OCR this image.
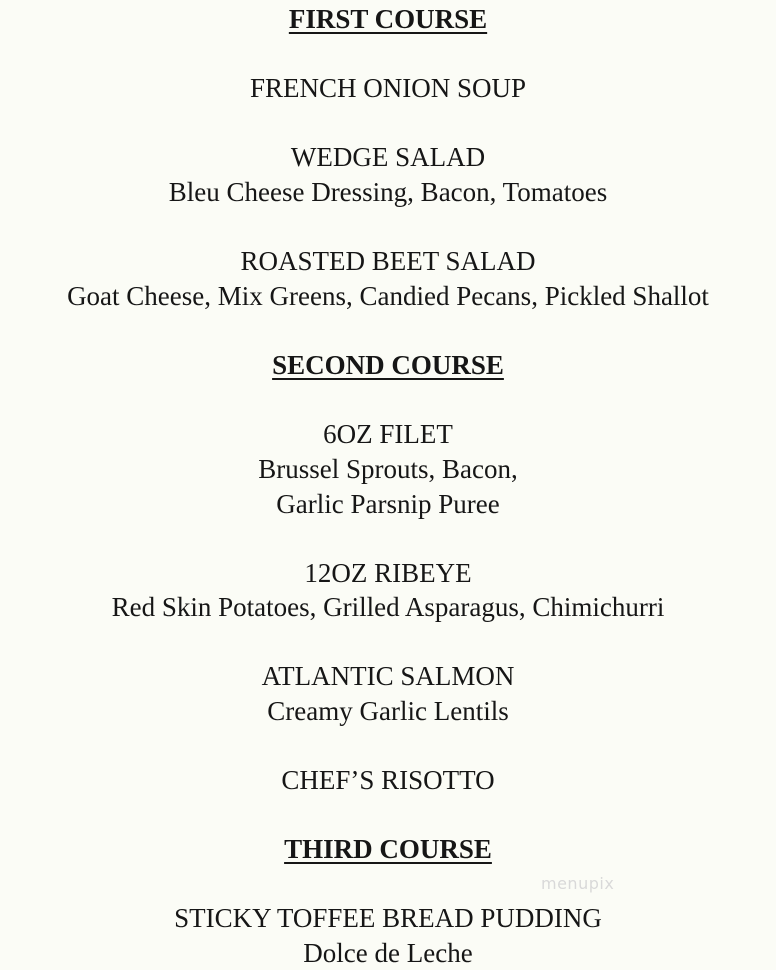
FIRST COURSE
FRENCH ONION SOUP
WEDGE SALAD
Bleu Cheese Dressing, Bacon, Tomatoes
ROASTED BEET SALAD
Goat Cheese, Mix Greens, Candied Pecans, Pickled Shallot
SECOND COURSE
6OZ FILET
Brussel Sprouts, Bacon,
Garlic Parsnip Puree
12OZ RIBEYE
Red Skin Potatoes, Grilled Asparagus, Chimichurri
ATLANTIC SALMON
Creamy Garlic Lentils
CHEF’S RISOTTO
THIRD COURSE
STICKY TOFFEE BREAD PUDDING
Dolce de Leche
menupix
